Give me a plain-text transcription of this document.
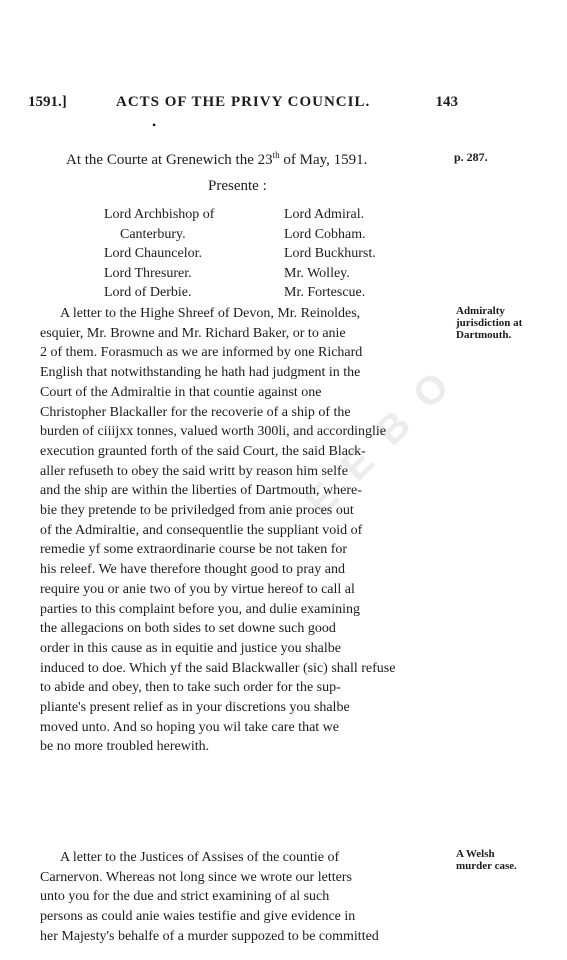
E E B O
1591.]	ACTS OF THE PRIVY COUNCIL.	143
•
At the Courte at Grenewich the 23th of May, 1591.	p. 287.
Presente :
Lord Archbishop of
Canterbury.
Lord Chauncelor.
Lord Thresurer.
Lord of Derbie.
Lord Admiral.
Lord Cobham.
Lord Buckhurst.
Mr. Wolley.
Mr. Fortescue.
A letter to the Highe Shreef of Devon, Mr. Reinoldes,
esquier, Mr. Browne and Mr. Richard Baker, or to anie
2 of them. Forasmuch as we are informed by one Richard
English that notwithstanding he hath had judgment in the
Court of the Admiraltie in that countie against one
Christopher Blackaller for the recoverie of a ship of the
burden of ciiijxx tonnes, valued worth 300li, and accordinglie
execution graunted forth of the said Court, the said Black-
aller refuseth to obey the said writt by reason him selfe
and the ship are within the liberties of Dartmouth, where-
bie they pretende to be priviledged from anie proces out
of the Admiraltie, and consequentlie the suppliant void of
remedie yf some extraordinarie course be not taken for
his releef. We have therefore thought good to pray and
require you or anie two of you by virtue hereof to call al
parties to this complaint before you, and dulie examining
the allegacions on both sides to set downe such good
order in this cause as in equitie and justice you shalbe
induced to doe. Which yf the said Blackwaller (sic) shall refuse
to abide and obey, then to take such order for the sup-
pliante's present relief as in your discretions you shalbe
moved unto. And so hoping you wil take care that we
be no more troubled herewith.
Admiralty
jurisdiction at
Dartmouth.
A letter to the Justices of Assises of the countie of
Carnervon. Whereas not long since we wrote our letters
unto you for the due and strict examining of al such
persons as could anie waies testifie and give evidence in
her Majesty's behalfe of a murder suppozed to be committed
A Welsh
murder case.
